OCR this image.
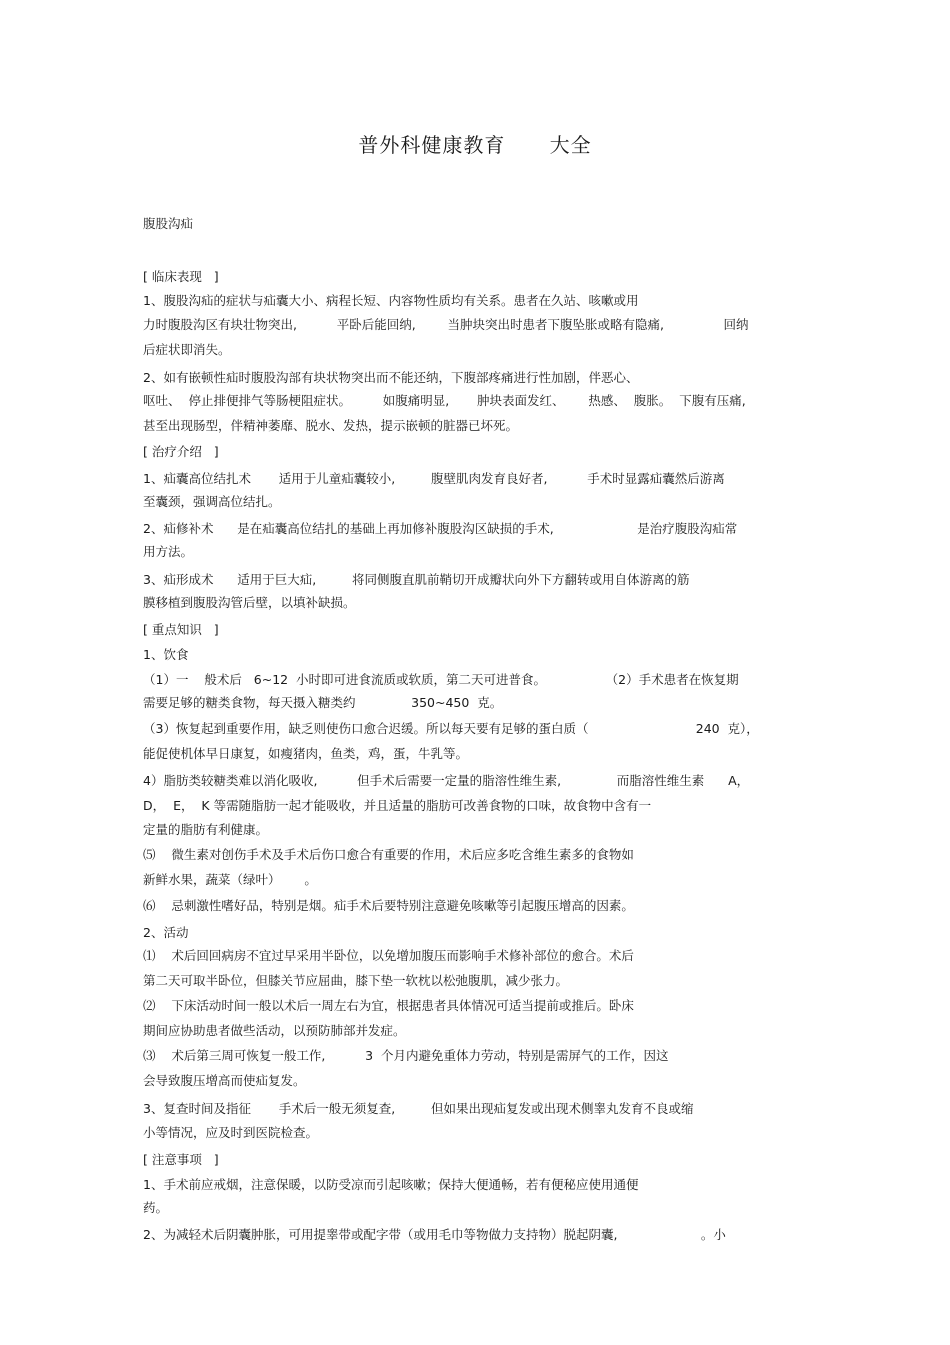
普外科健康教育      大全
腹股沟疝
[ 临床表现   ]
1、腹股沟疝的症状与疝囊大小、病程长短、内容物性质均有关系。患者在久站、咳嗽或用
力时腹股沟区有块壮物突出,          平卧后能回纳,        当肿块突出时患者下腹坠胀或略有隐痛,               回纳
后症状即消失。
2、如有嵌顿性疝时腹股沟部有块状物突出而不能还纳，下腹部疼痛进行性加剧，伴恶心、
呕吐、  停止排便排气等肠梗阻症状。        如腹痛明显,       肿块表面发红、      热感、  腹胀。  下腹有压痛,
甚至出现肠型，伴精神萎靡、脱水、发热，提示嵌顿的脏器已坏死。
[ 治疗介绍   ]
1、疝囊高位结扎术       适用于儿童疝囊较小,         腹壁肌肉发育良好者,          手术时显露疝囊然后游离
至囊颈，强调高位结扎。
2、疝修补术      是在疝囊高位结扎的基础上再加修补腹股沟区缺损的手术,                     是治疗腹股沟疝常
用方法。
3、疝形成术      适用于巨大疝,         将同侧腹直肌前鞘切开成瓣状向外下方翻转或用自体游离的筋
膜移植到腹股沟管后壁，以填补缺损。
[ 重点知识   ]
1、饮食
（1）一    般术后   6~12  小时即可进食流质或软质，第二天可进普食。               （2）手术患者在恢复期
需要足够的糖类食物，每天摄入糖类约              350~450  克。
（3）恢复起到重要作用，缺乏则使伤口愈合迟缓。所以每天要有足够的蛋白质（                           240  克），
能促使机体早日康复，如瘦猪肉，鱼类，鸡，蛋，牛乳等。
4）脂肪类较糖类难以消化吸收,          但手术后需要一定量的脂溶性维生素,              而脂溶性维生素      A，
D，  E，  K 等需随脂肪一起才能吸收，并且适量的脂肪可改善食物的口味，故食物中含有一
定量的脂肪有利健康。
⑸    微生素对创伤手术及手术后伤口愈合有重要的作用，术后应多吃含维生素多的食物如
新鲜水果，蔬菜（绿叶）      。
⑹    忌刺激性嗜好品，特别是烟。疝手术后要特别注意避免咳嗽等引起腹压增高的因素。
2、活动
⑴    术后回回病房不宜过早采用半卧位，以免增加腹压而影响手术修补部位的愈合。术后
第二天可取半卧位，但膝关节应屈曲，膝下垫一软枕以松弛腹肌，减少张力。
⑵    下床活动时间一般以术后一周左右为宜，根据患者具体情况可适当提前或推后。卧床
期间应协助患者做些活动，以预防肺部并发症。
⑶    术后第三周可恢复一般工作,          3  个月内避免重体力劳动，特别是需屏气的工作，因这
会导致腹压增高而使疝复发。
3、复查时间及指征       手术后一般无须复查,         但如果出现疝复发或出现术侧睾丸发育不良或缩
小等情况，应及时到医院检查。
[ 注意事项   ]
1、手术前应戒烟，注意保暖，以防受凉而引起咳嗽；保持大便通畅，若有便秘应使用通便
药。
2、为减轻术后阴囊肿胀，可用提睾带或配字带（或用毛巾等物做力支持物）脱起阴囊,                     。小
